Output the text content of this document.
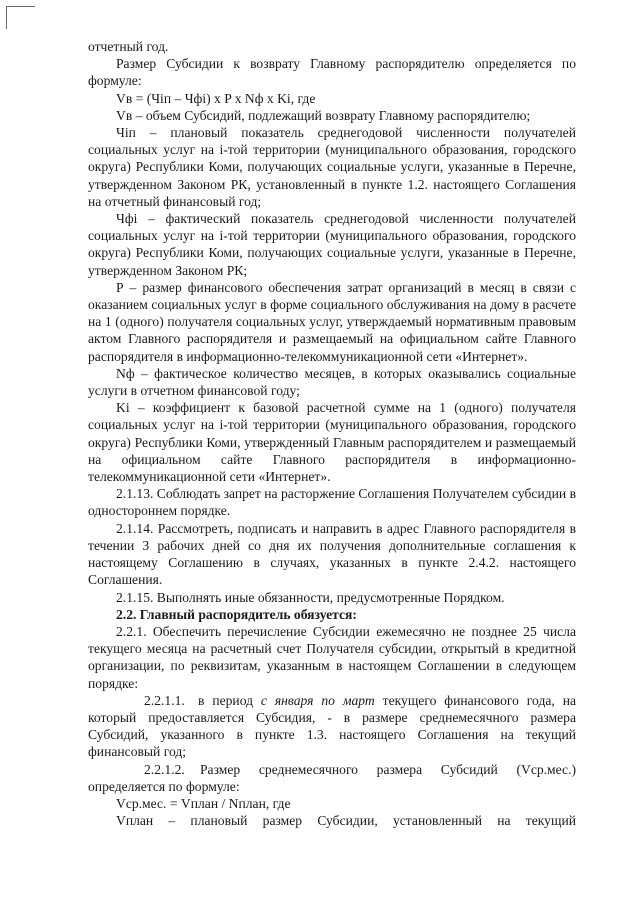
отчетный год.

Размер Субсидии к возврату Главному распорядителю определяется по формуле:

Vв = (Чiп – Чфi) x P x Nф x Ki, где

Vв – объем Субсидий, подлежащий возврату Главному распорядителю;

Чiп – плановый показатель среднегодовой численности получателей социальных услуг на i-той территории (муниципального образования, городского округа) Республики Коми, получающих социальные услуги, указанные в Перечне, утвержденном Законом РК, установленный в пункте 1.2. настоящего Соглашения на отчетный финансовый год;

Чфi – фактический показатель среднегодовой численности получателей социальных услуг на i-той территории (муниципального образования, городского округа) Республики Коми, получающих социальные услуги, указанные в Перечне, утвержденном Законом РК;

Р – размер финансового обеспечения затрат организаций в месяц в связи с оказанием социальных услуг в форме социального обслуживания на дому в расчете на 1 (одного) получателя социальных услуг, утверждаемый нормативным правовым актом Главного распорядителя и размещаемый на официальном сайте Главного распорядителя в информационно-телекоммуникационной сети «Интернет».

Nф – фактическое количество месяцев, в которых оказывались социальные услуги в отчетном финансовой году;

Ki – коэффициент к базовой расчетной сумме на 1 (одного) получателя социальных услуг на i-той территории (муниципального образования, городского округа) Республики Коми, утвержденный Главным распорядителем и размещаемый на официальном сайте Главного распорядителя в информационно-телекоммуникационной сети «Интернет».

2.1.13. Соблюдать запрет на расторжение Соглашения Получателем субсидии в одностороннем порядке.

2.1.14. Рассмотреть, подписать и направить в адрес Главного распорядителя в течении 3 рабочих дней со дня их получения дополнительные соглашения к настоящему Соглашению в случаях, указанных в пункте 2.4.2. настоящего Соглашения.

2.1.15. Выполнять иные обязанности, предусмотренные Порядком.

2.2. Главный распорядитель обязуется:

2.2.1. Обеспечить перечисление Субсидии ежемесячно не позднее 25 числа текущего месяца на расчетный счет Получателя субсидии, открытый в кредитной организации, по реквизитам, указанным в настоящем Соглашении в следующем порядке:

2.2.1.1. в период с января по март текущего финансового года, на который предоставляется Субсидия, - в размере среднемесячного размера Субсидий, указанного в пункте 1.3. настоящего Соглашения на текущий финансовый год;

2.2.1.2. Размер среднемесячного размера Субсидий (Vср.мес.) определяется по формуле:

Vср.мес. = Vплан / Nплан, где

Vплан – плановый размер Субсидии, установленный на текущий
